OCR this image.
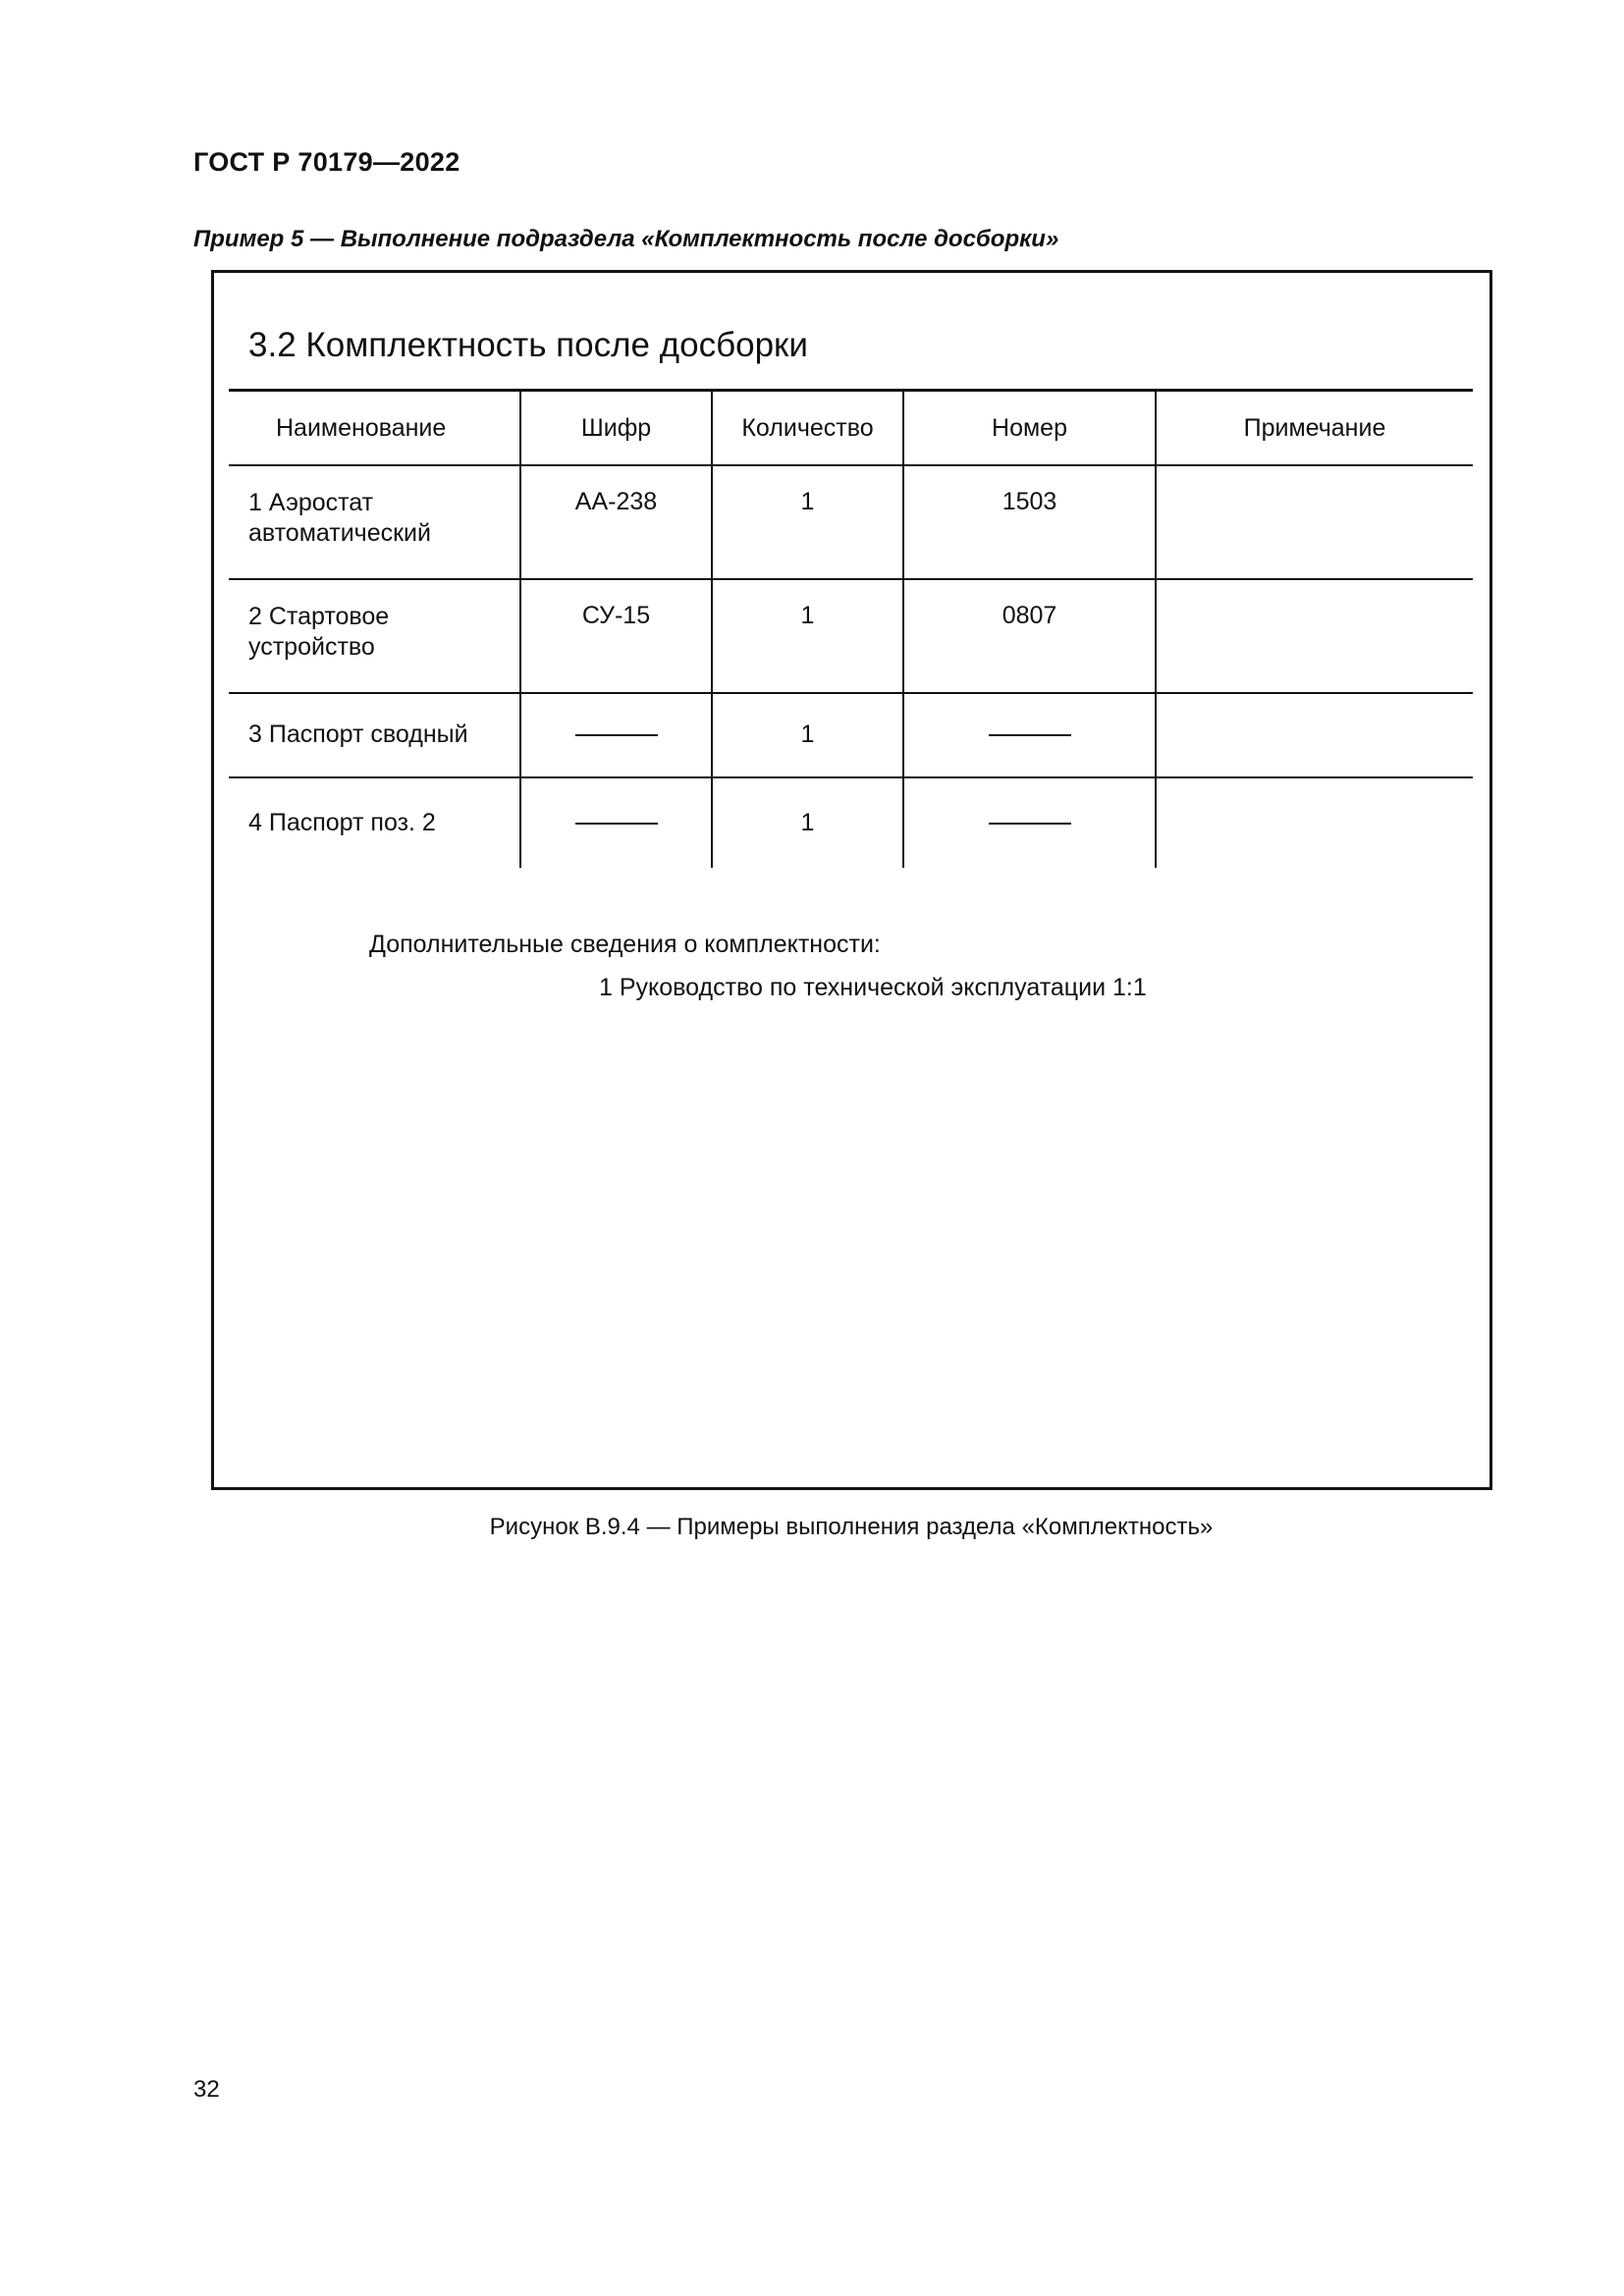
ГОСТ Р 70179—2022
Пример 5 — Выполнение подраздела «Комплектность после досборки»
3.2 Комплектность после досборки
Наименование	Шифр	Количество	Номер	Примечание
1 Аэростат автоматический	АА-238	1	1503	
2 Стартовое устройство	СУ-15	1	0807	
3 Паспорт сводный		1		
4 Паспорт поз. 2		1		
Дополнительные сведения о комплектности:
1 Руководство по технической эксплуатации 1:1
Рисунок В.9.4 — Примеры выполнения раздела «Комплектность»
32
